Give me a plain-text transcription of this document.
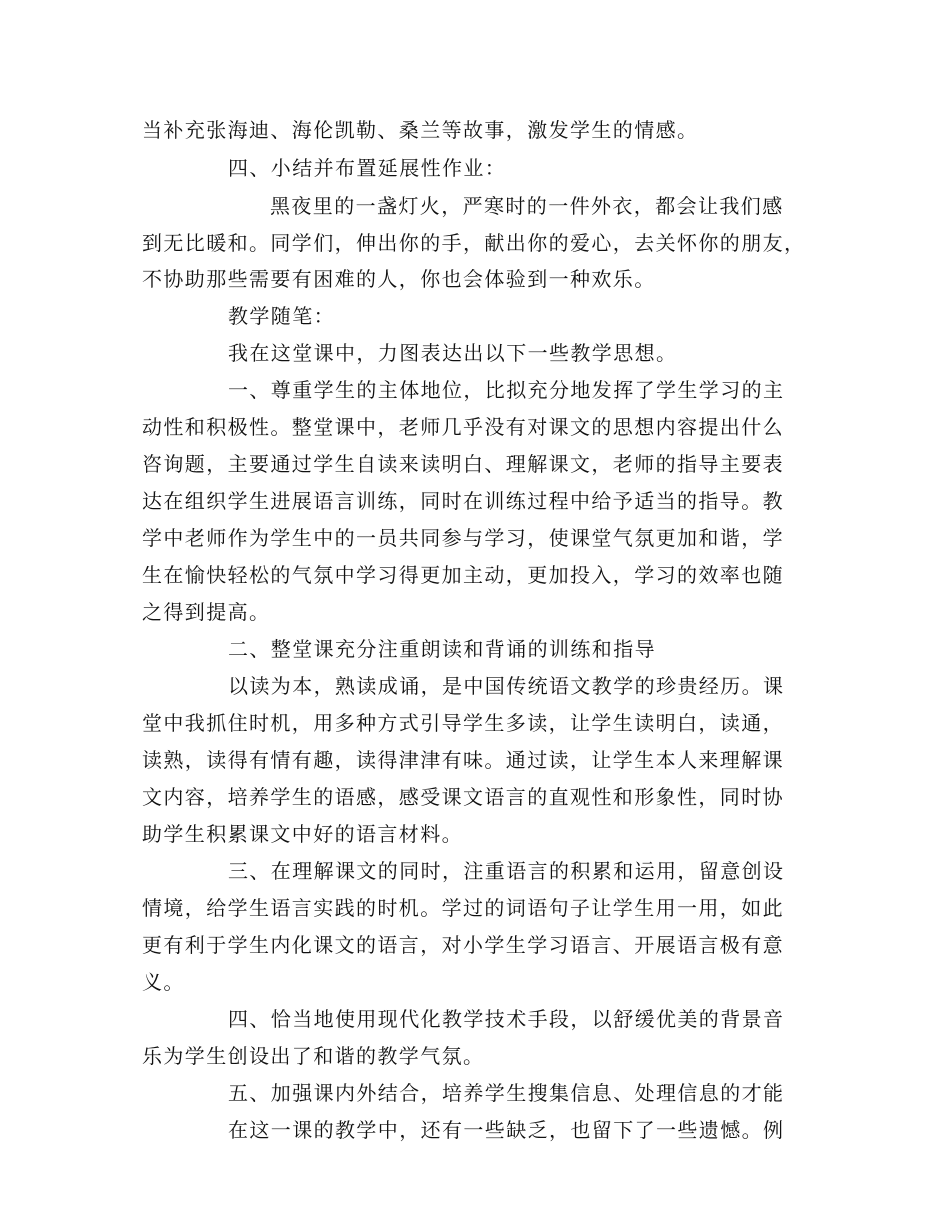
当补充张海迪、海伦凯勒、桑兰等故事，激发学生的情感。
四、小结并布置延展性作业：
黑夜里的一盏灯火，严寒时的一件外衣，都会让我们感
到无比暖和。同学们，伸出你的手，献出你的爱心，去关怀你的朋友，
不协助那些需要有困难的人，你也会体验到一种欢乐。
教学随笔：
我在这堂课中，力图表达出以下一些教学思想。
一、尊重学生的主体地位，比拟充分地发挥了学生学习的主
动性和积极性。整堂课中，老师几乎没有对课文的思想内容提出什么
咨询题，主要通过学生自读来读明白、理解课文，老师的指导主要表
达在组织学生进展语言训练，同时在训练过程中给予适当的指导。教
学中老师作为学生中的一员共同参与学习，使课堂气氛更加和谐，学
生在愉快轻松的气氛中学习得更加主动，更加投入，学习的效率也随
之得到提高。
二、整堂课充分注重朗读和背诵的训练和指导
以读为本，熟读成诵，是中国传统语文教学的珍贵经历。课
堂中我抓住时机，用多种方式引导学生多读，让学生读明白，读通，
读熟，读得有情有趣，读得津津有味。通过读，让学生本人来理解课
文内容，培养学生的语感，感受课文语言的直观性和形象性，同时协
助学生积累课文中好的语言材料。
三、在理解课文的同时，注重语言的积累和运用，留意创设
情境，给学生语言实践的时机。学过的词语句子让学生用一用，如此
更有利于学生内化课文的语言，对小学生学习语言、开展语言极有意
义。
四、恰当地使用现代化教学技术手段，以舒缓优美的背景音
乐为学生创设出了和谐的教学气氛。
五、加强课内外结合，培养学生搜集信息、处理信息的才能
在这一课的教学中，还有一些缺乏，也留下了一些遗憾。例
